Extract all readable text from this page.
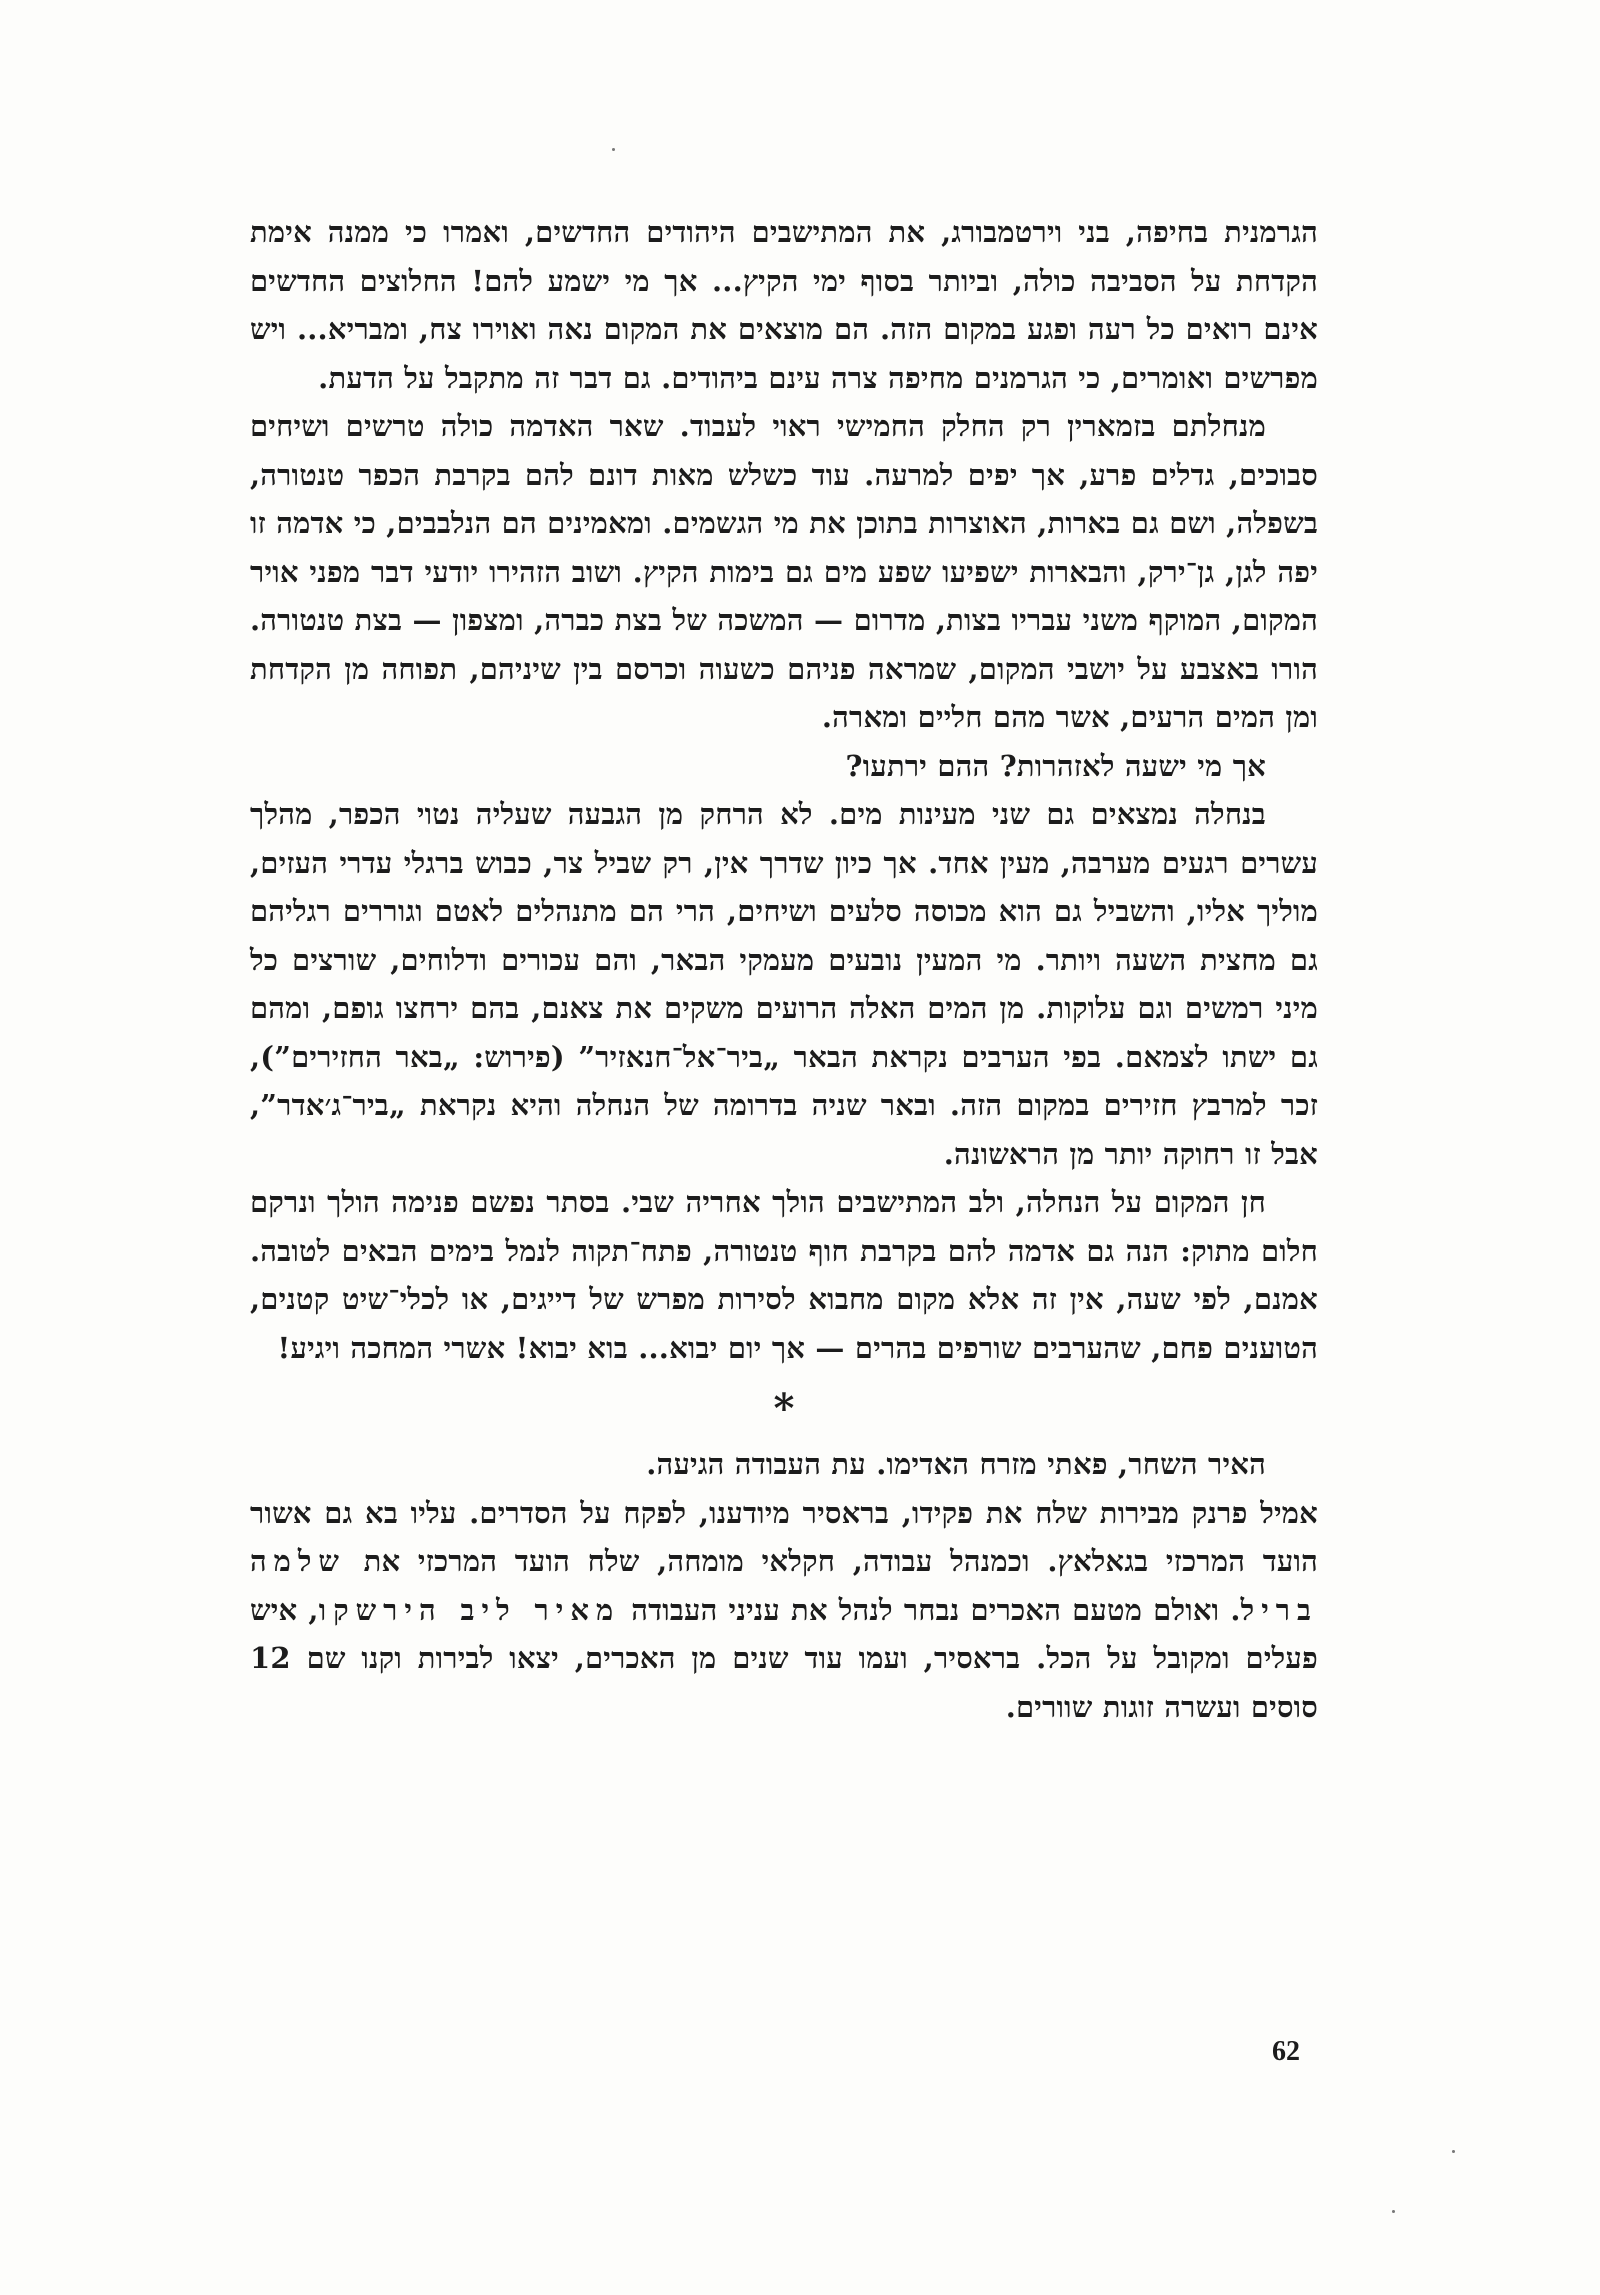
הגרמנית בחיפה, בני וירטמבורג, את המתישבים היהודים החדשים, ואמרו כי ממנה אימת הקדחת על הסביבה כולה, וביותר בסוף ימי הקיץ... אך מי ישמע להם! החלוצים החדשים אינם רואים כל רעה ופגע במקום הזה. הם מוצאים את המקום נאה ואוירו צח, ומבריא... ויש מפרשים ואומרים, כי הגרמנים מחיפה צרה עינם ביהודים. גם דבר זה מתקבל על הדעת.

מנחלתם בזמארין רק החלק החמישי ראוי לעבוד. שאר האדמה כולה טרשים ושיחים סבוכים, גדלים פרע, אך יפים למרעה. עוד כשלש מאות דונם להם בקרבת הכפר טנטורה, בשפלה, ושם גם בארות, האוצרות בתוכן את מי הגשמים. ומאמינים הם הנלבבים, כי אדמה זו יפה לגן, גן־ירק, והבארות ישפיעו שפע מים גם בימות הקיץ. ושוב הזהירו יודעי דבר מפני אויר המקום, המוקף משני עבריו בצות, מדרום — המשכה של בצת כברה, ומצפון — בצת טנטורה. הורו באצבע על יושבי המקום, שמראה פניהם כשעוה וכרסם בין שיניהם, תפוחה מן הקדחת ומן המים הרעים, אשר מהם חליים ומארה.

אך מי ישעה לאזהרות? ההם ירתעו?

בנחלה נמצאים גם שני מעינות מים. לא הרחק מן הגבעה שעליה נטוי הכפר, מהלך עשרים רגעים מערבה, מעין אחד. אך כיון שדרך אין, רק שביל צר, כבוש ברגלי עדרי העזים, מוליך אליו, והשביל גם הוא מכוסה סלעים ושיחים, הרי הם מתנהלים לאטם וגוררים רגליהם גם מחצית השעה ויותר. מי המעין נובעים מעמקי הבאר, והם עכורים ודלוחים, שורצים כל מיני רמשים וגם עלוקות. מן המים האלה הרועים משקים את צאנם, בהם ירחצו גופם, ומהם גם ישתו לצמאם. בפי הערבים נקראת הבאר „ביר־אל־חנאזיר” (פירוש: „באר החזירים”), זכר למרבץ חזירים במקום הזה. ובאר שניה בדרומה של הנחלה והיא נקראת „ביר־ג׳אדר”, אבל זו רחוקה יותר מן הראשונה.

חן המקום על הנחלה, ולב המתישבים הולך אחריה שבי. בסתר נפשם פנימה הולך ונרקם חלום מתוק: הנה גם אדמה להם בקרבת חוף טנטורה, פתח־תקוה לנמל בימים הבאים לטובה. אמנם, לפי שעה, אין זה אלא מקום מחבוא לסירות מפרש של דייגים, או לכלי־שיט קטנים, הטוענים פחם, שהערבים שורפים בהרים — אך יום יבוא... בוא יבוא! אשרי המחכה ויגיע!

*

האיר השחר, פאתי מזרח האדימו. עת העבודה הגיעה.

אמיל פרנק מבירות שלח את פקידו, בראסיר מיודענו, לפקח על הסדרים. עליו בא גם אשור הועד המרכזי בגאלאץ. וכמנהל עבודה, חקלאי מומחה, שלח הועד המרכזי את שלמה בריל. ואולם מטעם האכרים נבחר לנהל את עניני העבודה מאיר ליב הירשקו, איש פעלים ומקובל על הכל. בראסיר, ועמו עוד שנים מן האכרים, יצאו לבירות וקנו שם 12 סוסים ועשרה זוגות שוורים.

62
